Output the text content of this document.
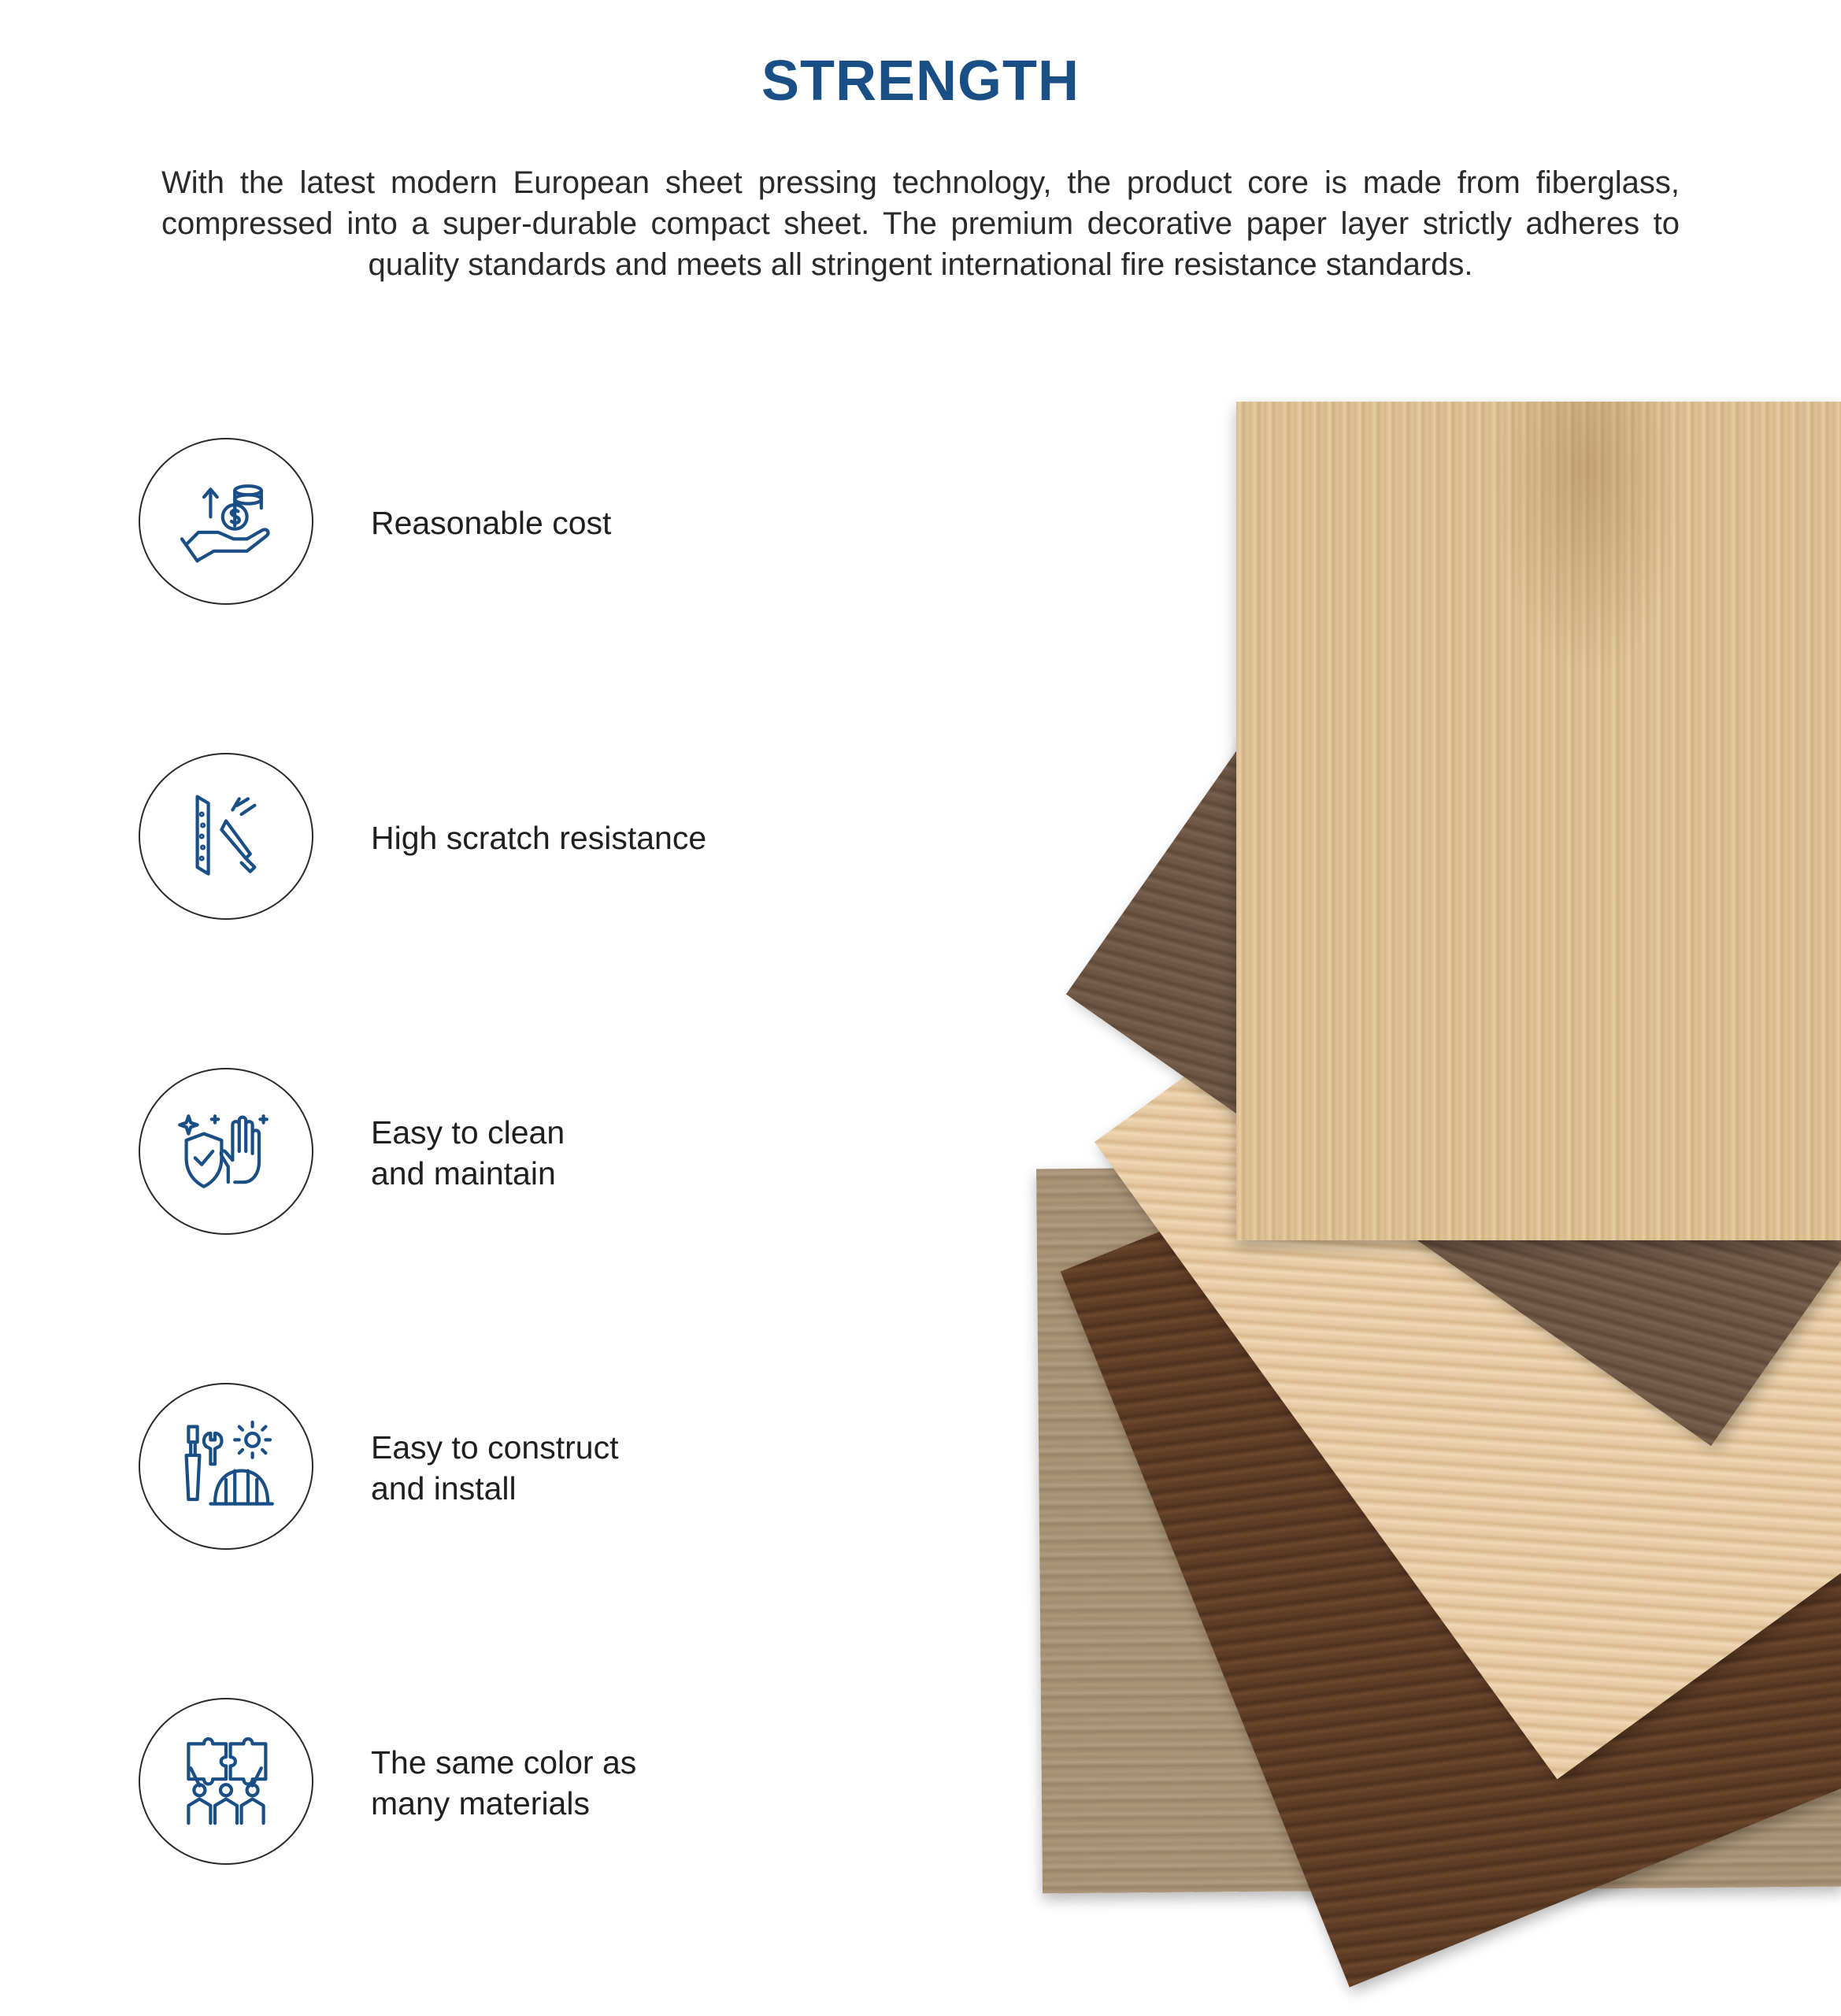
STRENGTH

With the latest modern European sheet pressing technology, the product core is made from fiberglass, compressed into a super-durable compact sheet. The premium decorative paper layer strictly adheres to quality standards and meets all stringent international fire resistance standards.

Reasonable cost
High scratch resistance
Easy to clean
and maintain
Easy to construct
and install
The same color as
many materials
